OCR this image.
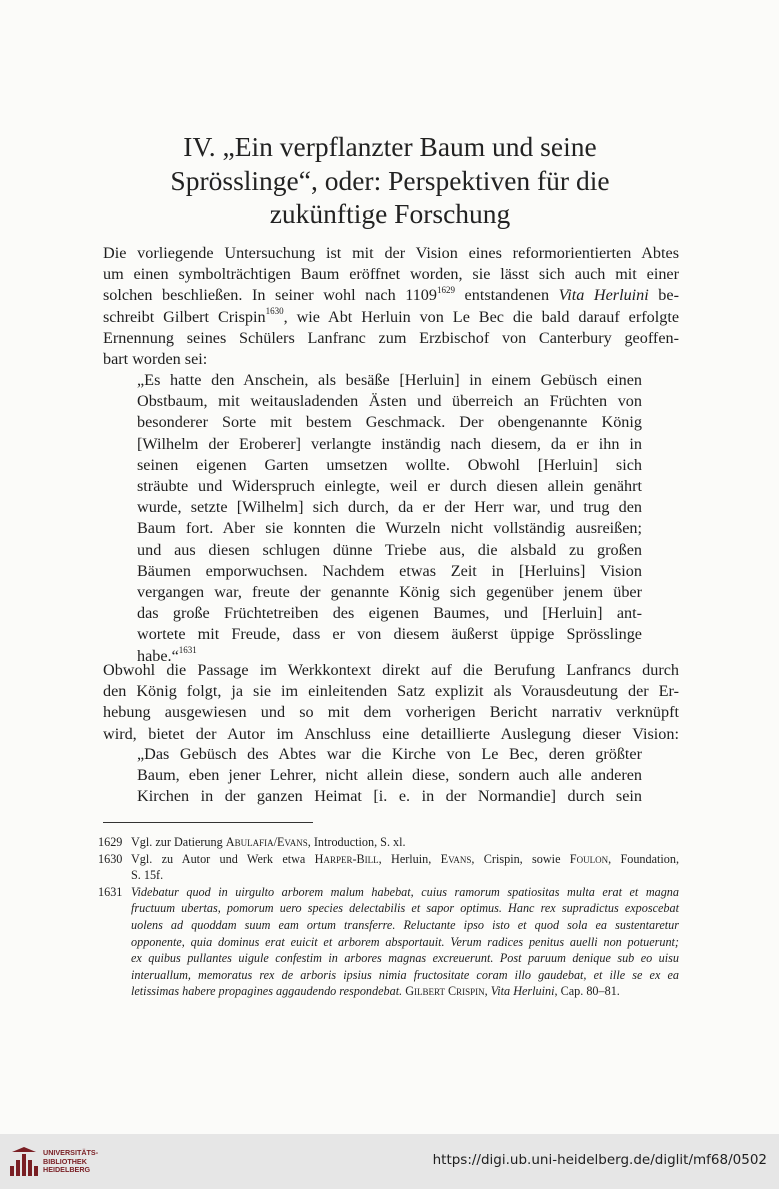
IV. „Ein verpflanzter Baum und seine
Sprösslinge“, oder: Perspektiven für die
zukünftige Forschung
Die vorliegende Untersuchung ist mit der Vision eines reformorientierten Abtes
um einen symbolträchtigen Baum eröffnet worden, sie lässt sich auch mit einer
solchen beschließen. In seiner wohl nach $1109^{1629}$ entstandenen Vita Herluini be-
schreibt Gilbert Crispin$^{1630}$, wie Abt Herluin von Le Bec die bald darauf erfolgte
Ernennung seines Schülers Lanfranc zum Erzbischof von Canterbury geoffen-
bart worden sei:
„Es hatte den Anschein, als besäße [Herluin] in einem Gebüsch einen
Obstbaum, mit weitausladenden Ästen und überreich an Früchten von
besonderer Sorte mit bestem Geschmack. Der obengenannte König
[Wilhelm der Eroberer] verlangte inständig nach diesem, da er ihn in
seinen eigenen Garten umsetzen wollte. Obwohl [Herluin] sich
sträubte und Widerspruch einlegte, weil er durch diesen allein genährt
wurde, setzte [Wilhelm] sich durch, da er der Herr war, und trug den
Baum fort. Aber sie konnten die Wurzeln nicht vollständig ausreißen;
und aus diesen schlugen dünne Triebe aus, die alsbald zu großen
Bäumen emporwuchsen. Nachdem etwas Zeit in [Herluins] Vision
vergangen war, freute der genannte König sich gegenüber jenem über
das große Früchtetreiben des eigenen Baumes, und [Herluin] ant-
wortete mit Freude, dass er von diesem äußerst üppige Sprösslinge
habe.“$^{1631}$
Obwohl die Passage im Werkkontext direkt auf die Berufung Lanfrancs durch
den König folgt, ja sie im einleitenden Satz explizit als Vorausdeutung der Er-
hebung ausgewiesen und so mit dem vorherigen Bericht narrativ verknüpft
wird, bietet der Autor im Anschluss eine detaillierte Auslegung dieser Vision:
„Das Gebüsch des Abtes war die Kirche von Le Bec, deren größter
Baum, eben jener Lehrer, nicht allein diese, sondern auch alle anderen
Kirchen in der ganzen Heimat [i. e. in der Normandie] durch sein
1629 Vgl. zur Datierung Abulafia/Evans, Introduction, S. xl.
1630 Vgl. zu Autor und Werk etwa Harper-Bill, Herluin, Evans, Crispin, sowie Foulon, Foundation,
S. 15f.
1631 Videbatur quod in uirgulto arborem malum habebat, cuius ramorum spatiositas multa erat et magna
fructuum ubertas, pomorum uero species delectabilis et sapor optimus. Hanc rex supradictus exposcebat
uolens ad quoddam suum eam ortum transferre. Reluctante ipso isto et quod sola ea sustentaretur
opponente, quia dominus erat euicit et arborem absportauit. Verum radices penitus auelli non potuerunt;
ex quibus pullantes uigule confestim in arbores magnas excreuerunt. Post paruum denique sub eo uisu
interuallum, memoratus rex de arboris ipsius nimia fructositate coram illo gaudebat, et ille se ex ea
letissimas habere propagines aggaudendo respondebat. Gilbert Crispin, Vita Herluini, Cap. 80–81.
UNIVERSITÄTS-
BIBLIOTHEK
HEIDELBERG
https://digi.ub.uni-heidelberg.de/diglit/mf68/0502
